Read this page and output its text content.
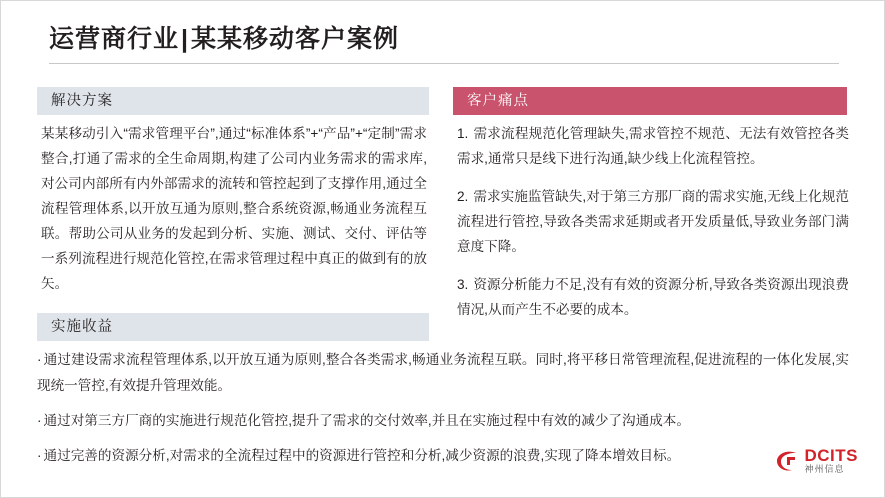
运营商行业|某某移动客户案例
解决方案
某某移动引入“需求管理平台”,通过“标准体系”+“产品”+“定制”需求整合,打通了需求的全生命周期,构建了公司内业务需求的需求库,对公司内部所有内外部需求的流转和管控起到了支撑作用,通过全流程管理体系,以开放互通为原则,整合系统资源,畅通业务流程互联。帮助公司从业务的发起到分析、实施、测试、交付、评估等一系列流程进行规范化管控,在需求管理过程中真正的做到有的放矢。
客户痛点
1. 需求流程规范化管理缺失,需求管控不规范、无法有效管控各类需求,通常只是线下进行沟通,缺少线上化流程管控。
2. 需求实施监管缺失,对于第三方那厂商的需求实施,无线上化规范流程进行管控,导致各类需求延期或者开发质量低,导致业务部门满意度下降。
3. 资源分析能力不足,没有有效的资源分析,导致各类资源出现浪费情况,从而产生不必要的成本。
实施收益
· 通过建设需求流程管理体系,以开放互通为原则,整合各类需求,畅通业务流程互联。同时,将平移日常管理流程,促进流程的一体化发展,实现统一管控,有效提升管理效能。
· 通过对第三方厂商的实施进行规范化管控,提升了需求的交付效率,并且在实施过程中有效的减少了沟通成本。
· 通过完善的资源分析,对需求的全流程过程中的资源进行管控和分析,减少资源的浪费,实现了降本增效目标。	DCITS
神州信息
